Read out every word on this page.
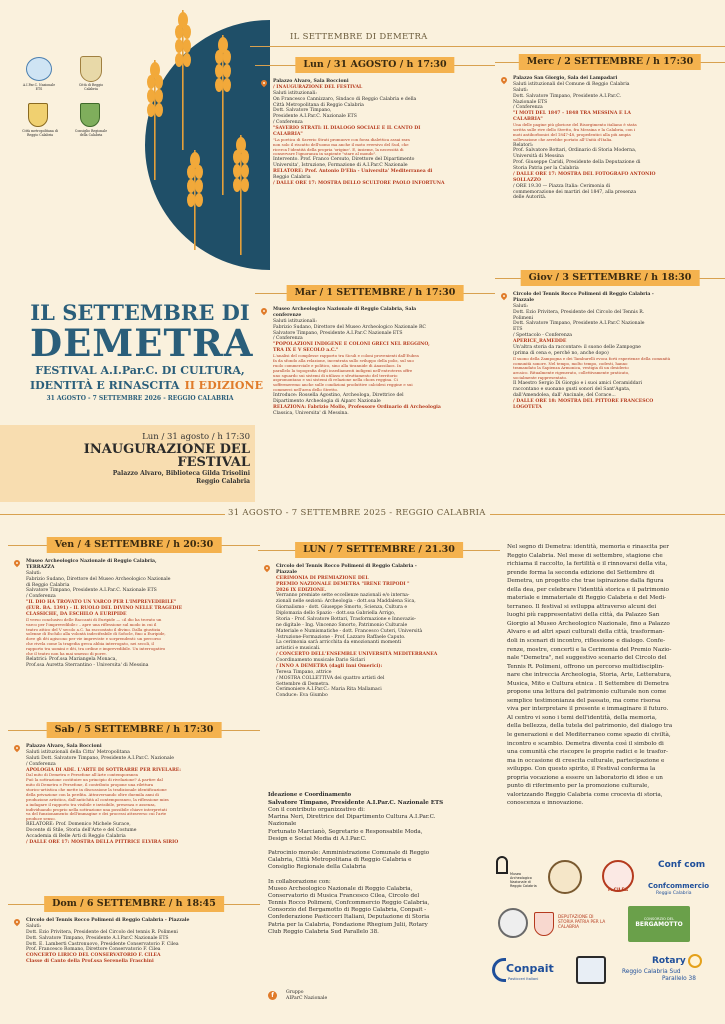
A.I.Par.C. Nazionale ETS
Città di Reggio Calabria
Città metropolitana di Reggio Calabria
Consiglio Regionale della Calabria
IL SETTEMBRE DI DEMETRA
IL SETTEMBRE DI
DEMETRA
FESTIVAL A.I.Par.C. DI CULTURA,
IDENTITÀ E RINASCITA II EDIZIONE
31 AGOSTO - 7 SETTEMBRE 2026 - REGGIO CALABRIA
Lun / 31 agosto / h 17:30
INAUGURAZIONE DEL
FESTIVAL
Palazzo Alvaro, Biblioteca Gilda Trisolini
Reggio Calabria
Lun / 31 AGOSTO / h 17:30
Palazzo Alvaro, Sala Boccioni
/ INAUGURAZIONE DEL FESTIVAL
Saluti istituzionali:
On Francesco Cannizzaro, Sindaco di Reggio Calabria e della
Città Metropolitana di Reggio Calabria
Dott. Salvatore Timpano,
Presidente A.I.Par.C. Nazionale ETS
/ Conferenza
"SAVERIO STRATI: IL DIALOGO SOCIALE E IL CANTO DI
CALABRIA"
"La poetica di Saverio Strati promuove con forza dialettica assai rara
non solo il riscatto dell'uomo ma anche il moto eversivo del Sud, che
ricerca l'identità della propria 'origine'. E, insieme, la necessità di
conservare l'ignoranza in sapiente "stare al mondo".
Intervento. Prof. Franco Cersuto, Direttore del Dipartimento
Universita', Istruzione, Formazione di A.I.Par.C Nazionale
RELATORE: Prof. Antonio D'Elia - Universita' Mediterranea di
Reggio Calabria
/ DALLE ORE 17: MOSTRA DELLO SCULTORE PAOLO INFORTUNA
Merc / 2 SETTEMBRE / h 17:30
Palazzo San Giorgio, Sala dei Lampadari
Saluti istituzionali del Comune di Reggio Calabria
Saluti:
Dott. Salvatore Timpano, Presidente A.I.Par.C.
Nazionale ETS
/ Conferenza
"I MOTI DEL 1847 - 1848 TRA MESSINA E LA
CALABRIA"
Una delle pagine più gloriose del Risorgimento italiano è stata
scritta sulle rive dello Stretto, fra Messina e la Calabria, con i
moti antiborbonici del 1847-48, propedeutici alla più ampia
sollevazione che avrebbe portato all'Unità d'Italia.
Relatori:
Prof. Salvatore Bottari, Ordinario di Storia Moderna,
Università di Messina
Prof. Giuseppe Caridi, Presidente della Deputazione di
Storia Patria per la Calabria
/ DALLE ORE 17: MOSTRA DEL FOTOGRAFO ANTONIO
SOLLAZZO
/ ORE 19.30 — Piazza Italia: Cerimonia di
commemorazione dei martiri del 1847, alla presenza
delle Autorità.
Mar / 1 SETTEMBRE / h 17:30
Museo Archeologico Nazionale di Reggio Calabria, Sala
conferenze
Saluti istituzionali:
Fabrizio Sudano, Direttore del Museo Archeologico Nazionale RC
Salvatore Timpano, Presidente A.I.Par.C Nazionale ETS
/ Conferenza
"POPOLAZIONI INDIGENE E COLONI GRECI NEL REGGINO,
TRA IX E V SECOLO a.C."
L'analisi del complesse rapporto tra Siculi e coloni provenienti dall'Eubea
fa da sfondo alla relazione, incentrata sullo sviluppo della polis, sul suo
ruolo commerciale e politico, sino alla tirannide di Anassilaos. In
parallelo la topografia degli insediamenti indigeni nell'entroterra offre
uno sguardo sui sistemi di utilizzo e sfruttamento del territorio
aspromontano e sui sistemi di relazione nella chora reggina. Ci
soffermeremo anche sulle condizioni produttive calcidesi reggine e sui
commerci nell'area dello Stretto.
Introduce: Rossella Agostino, Archeologa, Direttrice del
Dipartimento Archeologia di Aiparc Nazionale
RELAZIONA: Fabrizio Mollo, Professore Ordinario di Archeologia
Classica, Universita' di Messina.
Giov / 3 SETTEMBRE / h 18:30
Circolo del Tennis Rocco Polimeni di Reggio Calabria -
Piazzale
Saluti:
Dott. Ezio Privitera, Presidente del Circolo del Tennis R.
Polimeni
Dott. Salvatore Timpano, Presidente A.I.Par.C Nazionale
ETS
/ Spettacolo - Conferenza
APERICE_RAMEDDE
Un'altra storia da raccontare: il suono delle Zampogne
(prima di cena e, perché no, anche dopo)
Il suono della Zampogna e dei Tamburelli evoca forti esperienze della comunità
comunità sonore. Nel tempo, molto tempo, codesti, hanno
tramandato la Sapienza Armonica, vestigia di un desiderio
arcaico. Ritualmente rigenerato, collettivamente praticato,
socialmente rappresentato.
Il Maestro Sergio Di Giorgio e i suoi amici Ceramiddari
raccontano e suonano gusti sonori del Sant'Agata,
dall'Amendolea, dall' Ancinale, del Corace...
/ DALLE ORE 18: MOSTRA DEL PITTORE FRANCESCO
LOGOTETA
31 AGOSTO - 7 SETTEMBRE 2025 - REGGIO CALABRIA
Ven / 4 SETTEMBRE / h 20:30
Museo Archeologico Nazionale di Reggio Calabria,
TERRAZZA
Saluti:
Fabrizio Sudano, Direttore del Museo Archeologico Nazionale
di Reggio Calabria
Salvatore Timpano, Presidente A.I.Par.C. Nazionale ETS
/ Conferenza
"IL DIO HA TROVATO UN VARCO PER L'IMPREVEDIBILE"
(EUR. BA. 1391) - IL RUOLO DEL DIVINO NELLE TRAGEDIE
CLASSICHE, DA ESCHILO A EURIPIDE
Il verso conclusivo delle Baccanti di Euripide — «il dio ha trovato un
varco per l'imprevedibile» – apre una riflessione sul modo in cui il
teatro attico del V secolo a.C. ha raccontato il divino. Dalla giustizia
solenne di Eschilo alla volontà indecifrabile di Sofocle, fino a Euripide,
dove gli dèi agiscono per vie impreviste e sorprendenti: un percorso
che rivela come la tragedia greca abbia interrogato, nei secoli, il
rapporto tra uomini e dèi, tra ordine e imprevedibile. Un interrogativo
che il teatro non ha mai smesso di porre.
Relatrici: Prof.ssa Mariangela Monaca,
Prof.ssa Auretta Sterrantino - Universita' di Messina
Sab / 5 SETTEMBRE / h 17:30
Palazzo Alvaro, Sala Boccioni
Saluti istituzionali della Citta' Metropolitana
Saluti Dott. Salvatore Timpano, Presidente A.I.Par.C. Nazionale
/ Conferenza
APOLOGIA DI ADE. L'ARTE DI SOTTRARRE PER RIVELARE:
Dal mito di Demetra e Persefone all'Arte contemporanea
Può la sottrazione costituire un principio di rivelazione? A partire dal
mito di Demetra e Persefone, il contributo propone una rilettura
storico-artistica che mette in discussione la tradizionale identificazione
della privazione con la perdita. Attraversando oltre duemila anni di
produzione artistica, dall'antichità al contemporaneo, la riflessione mira
a indagare il rapporto tra visibile e invisibile, presenza e assenza,
individuando proprio nella sottrazione una possibile chiave interpretati
va del funzionamento dell'immagine e dei processi attraverso cui l'arte
produce senso.
RELATORE: Prof. Domenico Michele Surace,
Docente di Stile, Storia dell'Arte e del Costume
Accademia di Belle Arti di Reggio Calabria
/ DALLE ORE 17: MOSTRA DELLA PITTRICE ELVIRA SIRIO
Dom / 6 SETTEMBRE / h 18:45
Circolo del Tennis Rocco Polimeni di Reggio Calabria - Piazzale
Saluti:
Dott. Ezio Privitera, Presidente del Circolo del tennis R. Polimeni
Dott. Salvatore Timpano, Presidente A.I.Par.C Nazionale ETS
Dott. E. Lamberti Castronuovo, Presidente Conservatorio F. Cilea
Prof. Francesco Romano, Direttore Conservatorio F. Cilea
CONCERTO LIRICO DEL CONSERVATORIO F. CILEA
Classe di Canto della Prof.ssa Serenella Fraschini
LUN / 7 SETTEMBRE / 21.30
Circolo del Tennis Rocco Polimeni di Reggio Calabria -
Piazzale
CERIMONIA DI PREMIAZIONE DEL
PREMIO NAZIONALE DEMETRA "IRENE TRIPODI "
2026 IX EDIZIONE.
Verranno premiate sette eccellenze nazionali e/o interna-
zionali nelle sezioni: Archeologia - dott.ssa Maddalena Sica,
Giornalismo - dott. Giuseppe Smorto, Scienza, Cultura e
Diplomazia dello Spazio - dott.ssa Gabriella Arrigo,
Storia - Prof. Salvatore Bottari, Trasformazione e Innovazio-
ne digitale - Ing. Vincenzo Smorto, Patrimonio Culturale
Materiale e Numismatiche - dott. Francesco Cuteri, Università
-Istruzione-Formazione - Prof. Lazzaro Raffaele Caputo.
La cerimonia sarà arricchita da emozionanti momenti
artistici e musicali.
/ CONCERTO DELL'ENSEMBLE UNIVERSITÀ MEDITERRANEA
Coordinamento musicale Dario Siclari
/ INNO A DEMETRA (dagli Inni Omerici):
Teresa Timpano, attrice
/ MOSTRA COLLETTIVA dei quattro artisti del
Settembre di Demetra.
Cerimoniere A.I.Par.C.: Maria Rita Mallamaci
Conduce: Eva Giumbo
Ideazione e Coordinamento
Salvatore Timpano, Presidente A.I.Par.C. Nazionale ETS
Con il contributo organizzativo di:
Marina Neri, Direttrice del Dipartimento Cultura A.I.Par.C.
Nazionale
Fortunato Marcianò, Segretario e Responsabile Moda,
Design e Social Media di A.I.Par.C.

Patrocinio morale: Amministrazione Comunale di Reggio
Calabria, Città Metropolitana di Reggio Calabria e
Consiglio Regionale della Calabria

In collaborazione con:
Museo Archeologico Nazionale di Reggio Calabria,
Conservatorio di Musica Francesco Cilea, Circolo del
Tennis Rocco Polimeni, Confcommercio Reggio Calabria,
Consorzio del Bergamotto di Reggio Calabria, Conpait -
Confederazione Pasticceri Italiani, Deputazione di Storia
Patria per la Calabria, Fondazione Rhegium Julii, Rotary
Club Reggio Calabria Sud Parallelo 38.
f	Gruppo
AIParC Nazionale
Nel segno di Demetra: identità, memoria e rinascita per
Reggio Calabria. Nel mese di settembre, stagione che
richiama il raccolto, la fertilità e il rinnovarsi della vita,
prende forma la seconda edizione del Settembre di
Demetra, un progetto che trae ispirazione dalla figura
della dea, per celebrare l'identità storica e il patrimonio
materiale e immateriale di Reggio Calabria e del Medi-
terraneo. Il festival si sviluppa attraverso alcuni dei
luoghi più rappresentativi della città, da Palazzo San
Giorgio al Museo Archeologico Nazionale, fino a Palazzo
Alvaro e ad altri spazi culturali della città, trasforman-
doli in scenari di incontro, riflessione e dialogo. Confe-
renze, mostre, concerti e la Cerimonia del Premio Nazio-
nale "Demetra", nel suggestivo scenario del Circolo del
Tennis R. Polimeni, offrono un percorso multidisciplin-
nare che intreccia Archeologia, Storia, Arte, Letteratura,
Musica, Mito e Cultura etnica . Il Settembre di Demetra
propone una lettura del patrimonio culturale non come
semplice testimonianza del passato, ma come risorsa
viva per interpretare il presente e immaginare il futuro.
Al centro vi sono i temi dell'identità, della memoria,
della bellezza, della tutela del patrimonio, del dialogo tra
le generazioni e del Mediterraneo come spazio di civiltà,
incontro e scambio. Demetra diventa così il simbolo di
una comunità che riscopre le proprie radici e le trasfor-
ma in occasione di crescita culturale, partecipazione e
sviluppo. Con questo spirito, il Festival conferma la
propria vocazione a essere un laboratorio di idee e un
punto di riferimento per la promozione culturale,
valorizzando Reggio Calabria come crocevia di storia,
conoscenza e innovazione.
Museo
Archeologico
Nazionale di
Reggio Calabria
F. CILEA
Conf com
Confcommercio
Reggio Calabria
DEPUTAZIONE DI
STORIA PATRIA PER LA
CALABRIA
CONSORZIO DEL
BERGAMOTTO
Conpait
Pasticceri Italiani
Rotary
Reggio Calabria Sud
Parallelo 38
